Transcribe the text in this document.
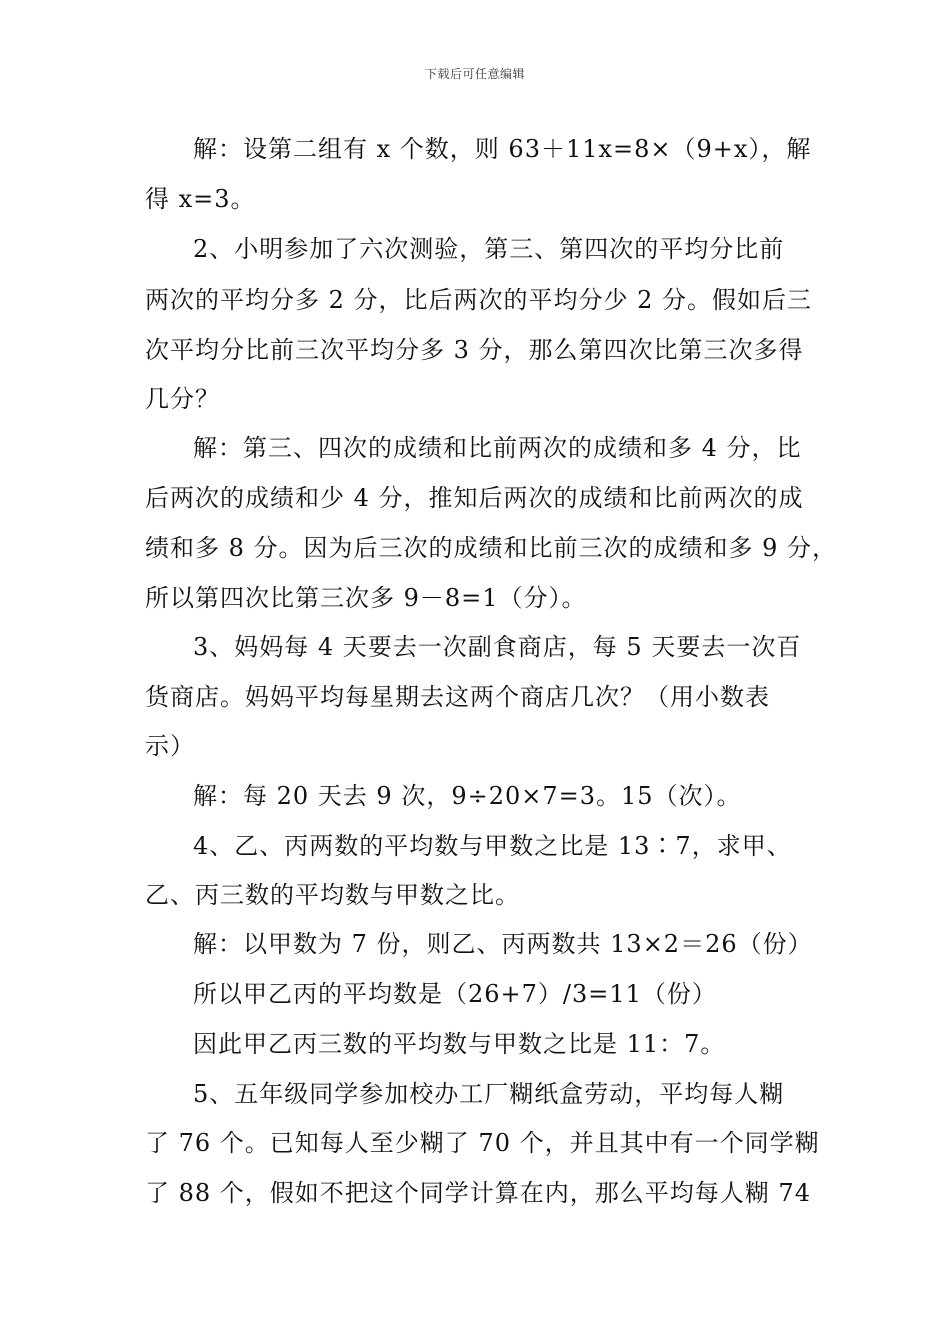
下载后可任意编辑
解：设第二组有 x 个数，则 63＋11x=8×（9+x），解
得 x=3。
2、小明参加了六次测验，第三、第四次的平均分比前
两次的平均分多 2 分，比后两次的平均分少 2 分。假如后三
次平均分比前三次平均分多 3 分，那么第四次比第三次多得
几分？
解：第三、四次的成绩和比前两次的成绩和多 4 分，比
后两次的成绩和少 4 分，推知后两次的成绩和比前两次的成
绩和多 8 分。因为后三次的成绩和比前三次的成绩和多 9 分，
所以第四次比第三次多 9－8=1（分）。
3、妈妈每 4 天要去一次副食商店，每 5 天要去一次百
货商店。妈妈平均每星期去这两个商店几次？（用小数表
示）
解：每 20 天去 9 次，9÷20×7=3。15（次）。
4、乙、丙两数的平均数与甲数之比是 13∶7，求甲、
乙、丙三数的平均数与甲数之比。
解：以甲数为 7 份，则乙、丙两数共 13×2＝26（份）
所以甲乙丙的平均数是（26+7）/3=11（份）
因此甲乙丙三数的平均数与甲数之比是 11：7。
5、五年级同学参加校办工厂糊纸盒劳动，平均每人糊
了 76 个。已知每人至少糊了 70 个，并且其中有一个同学糊
了 88 个，假如不把这个同学计算在内，那么平均每人糊 74
